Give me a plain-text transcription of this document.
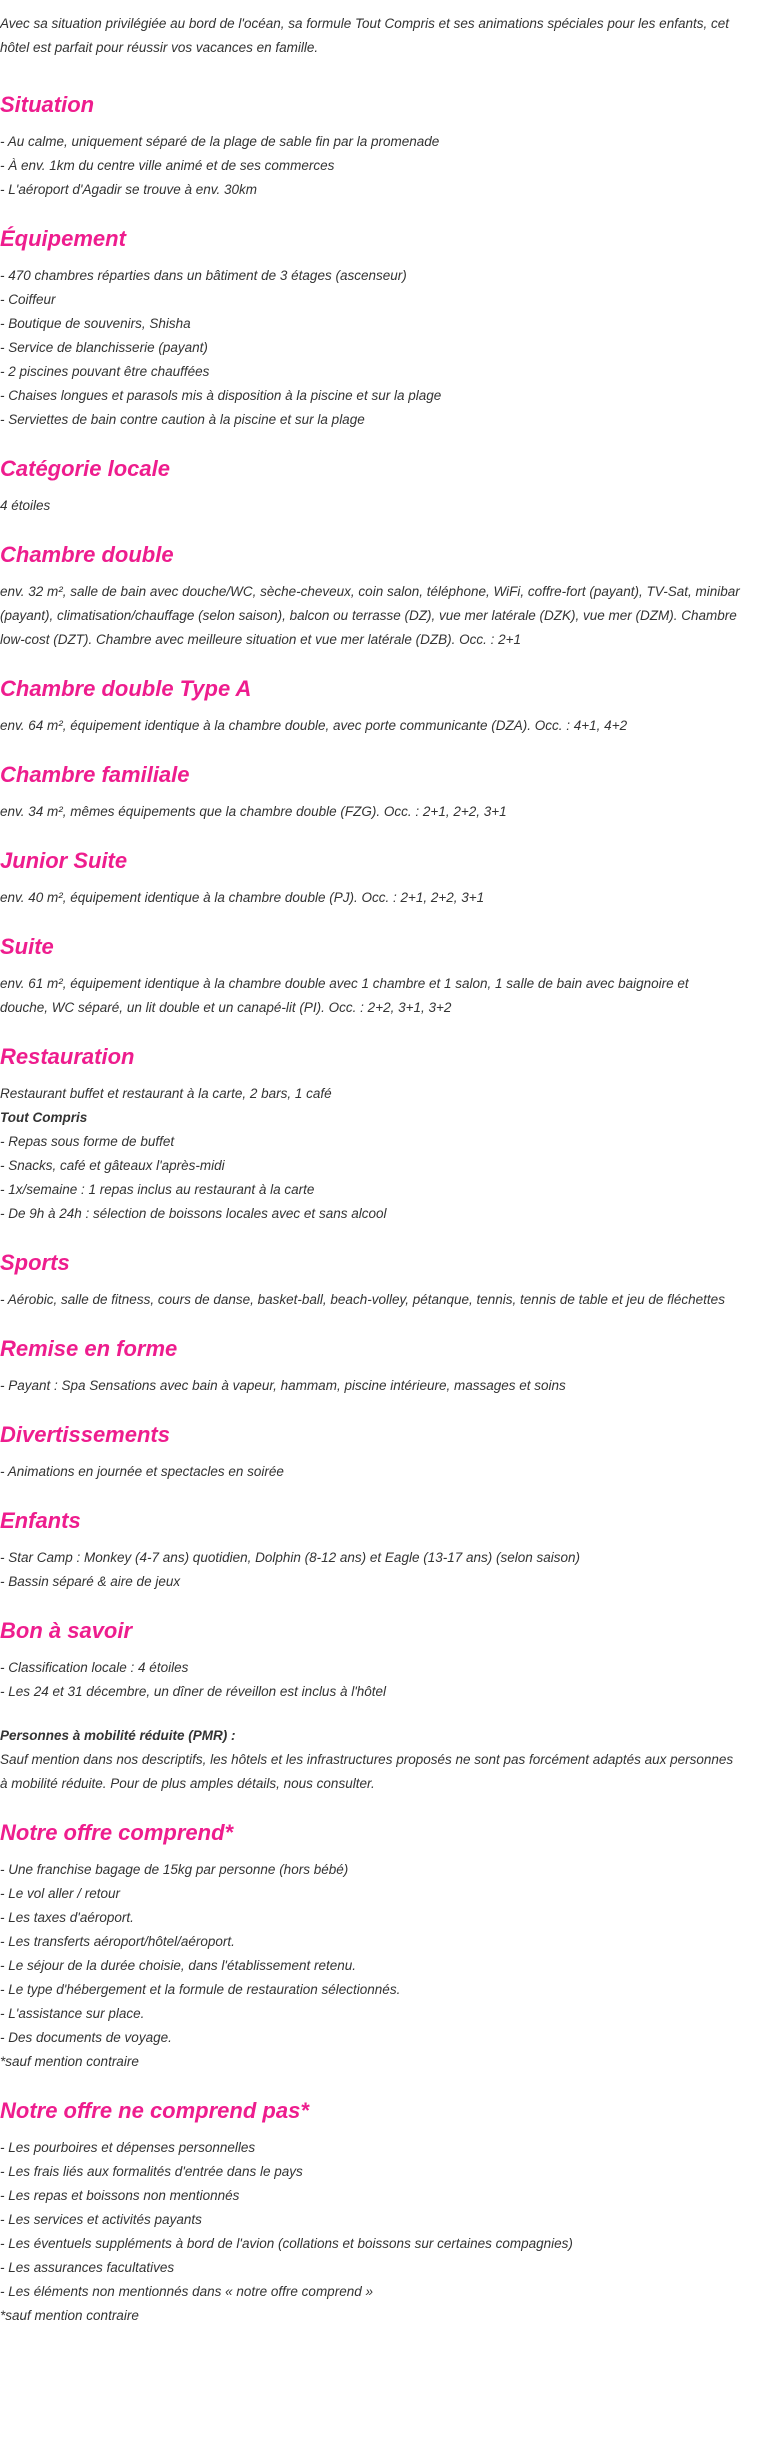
Avec sa situation privilégiée au bord de l'océan, sa formule Tout Compris et ses animations spéciales pour les enfants, cet hôtel est parfait pour réussir vos vacances en famille.

Situation
- Au calme, uniquement séparé de la plage de sable fin par la promenade
- À env. 1km du centre ville animé et de ses commerces
- L'aéroport d'Agadir se trouve à env. 30km
Équipement
- 470 chambres réparties dans un bâtiment de 3 étages (ascenseur)
- Coiffeur
- Boutique de souvenirs, Shisha
- Service de blanchisserie (payant)
- 2 piscines pouvant être chauffées
- Chaises longues et parasols mis à disposition à la piscine et sur la plage
- Serviettes de bain contre caution à la piscine et sur la plage
Catégorie locale
4 étoiles
Chambre double
env. 32 m², salle de bain avec douche/WC, sèche-cheveux, coin salon, téléphone, WiFi, coffre-fort (payant), TV-Sat, minibar (payant), climatisation/chauffage (selon saison), balcon ou terrasse (DZ), vue mer latérale (DZK), vue mer (DZM). Chambre low-cost (DZT). Chambre avec meilleure situation et vue mer latérale (DZB). Occ. : 2+1
Chambre double Type A
env. 64 m², équipement identique à la chambre double, avec porte communicante (DZA). Occ. : 4+1, 4+2
Chambre familiale
env. 34 m², mêmes équipements que la chambre double (FZG). Occ. : 2+1, 2+2, 3+1
Junior Suite
env. 40 m², équipement identique à la chambre double (PJ). Occ. : 2+1, 2+2, 3+1
Suite
env. 61 m², équipement identique à la chambre double avec 1 chambre et 1 salon, 1 salle de bain avec baignoire et douche, WC séparé, un lit double et un canapé-lit (PI). Occ. : 2+2, 3+1, 3+2
Restauration
Restaurant buffet et restaurant à la carte, 2 bars, 1 café
Tout Compris
- Repas sous forme de buffet
- Snacks, café et gâteaux l'après-midi
- 1x/semaine : 1 repas inclus au restaurant à la carte
- De 9h à 24h : sélection de boissons locales avec et sans alcool
Sports
- Aérobic, salle de fitness, cours de danse, basket-ball, beach-volley, pétanque, tennis, tennis de table et jeu de fléchettes
Remise en forme
- Payant : Spa Sensations avec bain à vapeur, hammam, piscine intérieure, massages et soins
Divertissements
- Animations en journée et spectacles en soirée
Enfants
- Star Camp : Monkey (4-7 ans) quotidien, Dolphin (8-12 ans) et Eagle (13-17 ans) (selon saison)
- Bassin séparé & aire de jeux
Bon à savoir
- Classification locale : 4 étoiles
- Les 24 et 31 décembre, un dîner de réveillon est inclus à l'hôtel
Personnes à mobilité réduite (PMR) :
Sauf mention dans nos descriptifs, les hôtels et les infrastructures proposés ne sont pas forcément adaptés aux personnes à mobilité réduite. Pour de plus amples détails, nous consulter.
Notre offre comprend*
- Une franchise bagage de 15kg par personne (hors bébé)
- Le vol aller / retour
- Les taxes d'aéroport.
- Les transferts aéroport/hôtel/aéroport.
- Le séjour de la durée choisie, dans l'établissement retenu.
- Le type d'hébergement et la formule de restauration sélectionnés.
- L'assistance sur place.
- Des documents de voyage.
*sauf mention contraire
Notre offre ne comprend pas*
- Les pourboires et dépenses personnelles
- Les frais liés aux formalités d'entrée dans le pays
- Les repas et boissons non mentionnés
- Les services et activités payants
- Les éventuels suppléments à bord de l'avion (collations et boissons sur certaines compagnies)
- Les assurances facultatives
- Les éléments non mentionnés dans « notre offre comprend »
*sauf mention contraire
